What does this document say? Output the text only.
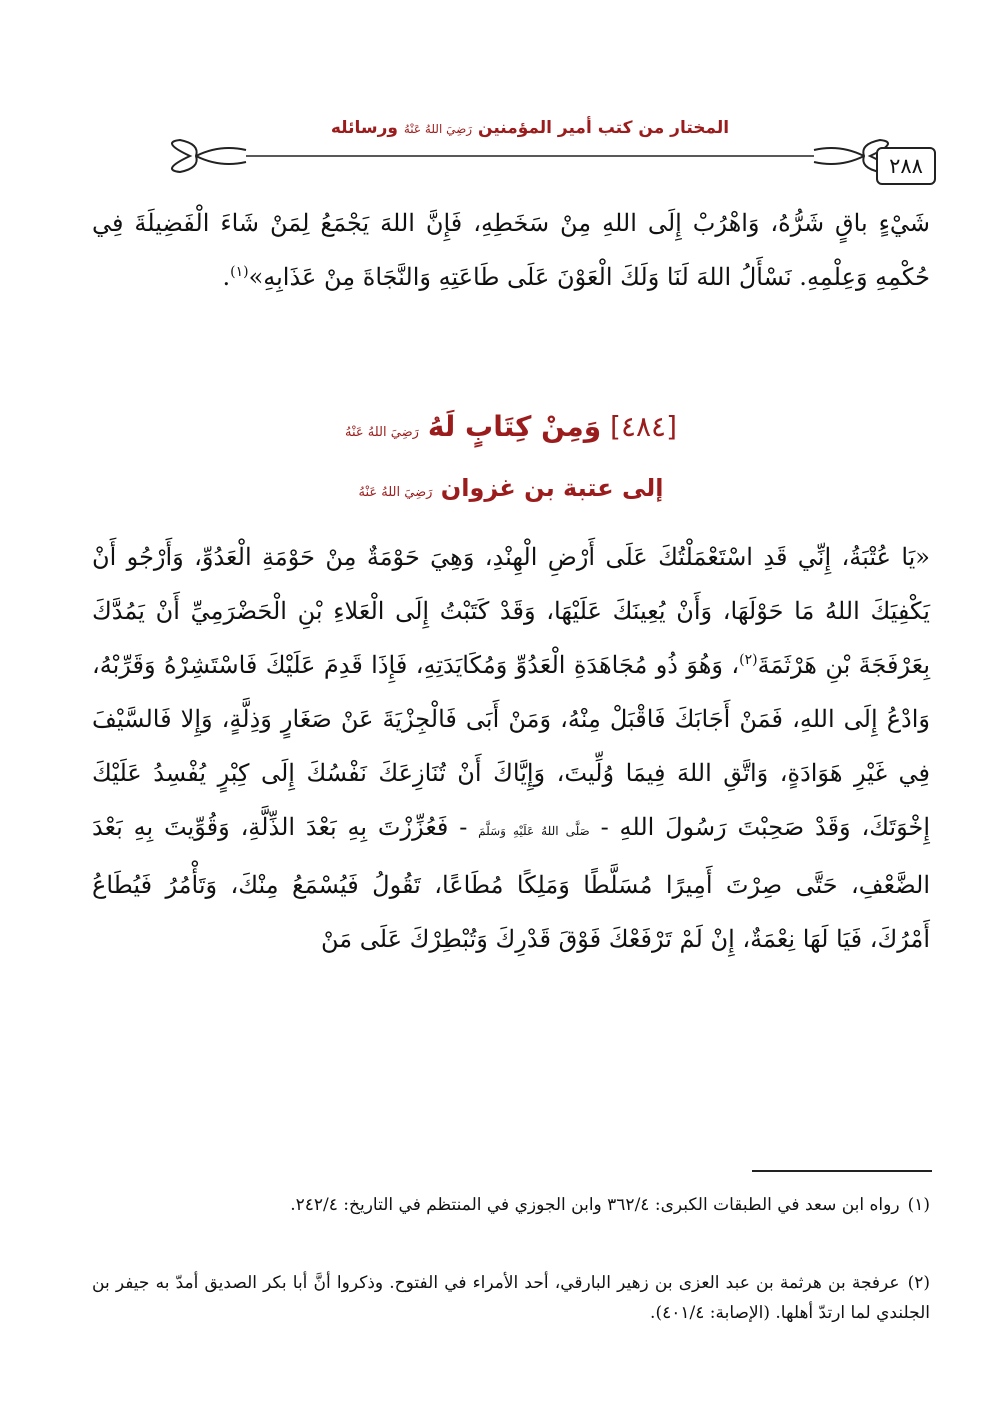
المختار من كتب أمير المؤمنين رَضِيَ اللهُ عَنْهُ ورسائله
٢٨٨
شَيْءٍ باقٍ شَرُّهُ، وَاهْرُبْ إِلَى اللهِ مِنْ سَخَطِهِ، فَإِنَّ اللهَ يَجْمَعُ لِمَنْ شَاءَ الْفَضِيلَةَ فِي حُكْمِهِ وَعِلْمِهِ. نَسْأَلُ اللهَ لَنَا وَلَكَ الْعَوْنَ عَلَى طَاعَتِهِ وَالنَّجَاةَ مِنْ عَذَابِهِ»$^{(١)}$.
[٤٨٤] وَمِنْ كِتَابٍ لَهُ رَضِيَ اللهُ عَنْهُ
إلى عتبة بن غزوان رَضِيَ اللهُ عَنْهُ
«يَا عُتْبَةُ، إِنِّي قَدِ اسْتَعْمَلْتُكَ عَلَى أَرْضِ الْهِنْدِ، وَهِيَ حَوْمَةٌ مِنْ حَوْمَةِ الْعَدُوِّ، وَأَرْجُو أَنْ يَكْفِيَكَ اللهُ مَا حَوْلَهَا، وَأَنْ يُعِينَكَ عَلَيْهَا، وَقَدْ كَتَبْتُ إِلَى الْعَلاءِ بْنِ الْحَضْرَمِيِّ أَنْ يَمُدَّكَ بِعَرْفَجَةَ بْنِ هَرْثَمَةَ$^{(٢)}$، وَهُوَ ذُو مُجَاهَدَةِ الْعَدُوِّ وَمُكَايَدَتِهِ، فَإِذَا قَدِمَ عَلَيْكَ فَاسْتَشِرْهُ وَقَرِّبْهُ، وَادْعُ إِلَى اللهِ، فَمَنْ أَجَابَكَ فَاقْبَلْ مِنْهُ، وَمَنْ أَبَى فَالْجِزْيَةَ عَنْ صَغَارٍ وَذِلَّةٍ، وَإِلا فَالسَّيْفَ فِي غَيْرِ هَوَادَةٍ، وَاتَّقِ اللهَ فِيمَا وُلِّيتَ، وَإِيَّاكَ أَنْ تُنَازِعَكَ نَفْسُكَ إِلَى كِبْرٍ يُفْسِدُ عَلَيْكَ إِخْوَتَكَ، وَقَدْ صَحِبْتَ رَسُولَ اللهِ - صَلَّى اللهُ عَلَيْهِ وَسَلَّمَ - فَعُزِّزْتَ بِهِ بَعْدَ الذِّلَّةِ، وَقُوِّيتَ بِهِ بَعْدَ الضَّعْفِ، حَتَّى صِرْتَ أَمِيرًا مُسَلَّطًا وَمَلِكًا مُطَاعًا، تَقُولُ فَيُسْمَعُ مِنْكَ، وَتَأْمُرُ فَيُطَاعُ أَمْرُكَ، فَيَا لَهَا نِعْمَةٌ، إِنْ لَمْ تَرْفَعْكَ فَوْقَ قَدْرِكَ وَتُبْطِرْكَ عَلَى مَنْ
(١)رواه ابن سعد في الطبقات الكبرى: ٣٦٢/٤ وابن الجوزي في المنتظم في التاريخ: ٢٤٢/٤.
(٢)عرفجة بن هرثمة بن عبد العزى بن زهير البارقي، أحد الأمراء في الفتوح. وذكروا أنَّ أبا بكر الصديق أمدّ به جيفر بن الجلندي لما ارتدّ أهلها. (الإصابة: ٤٠١/٤).
